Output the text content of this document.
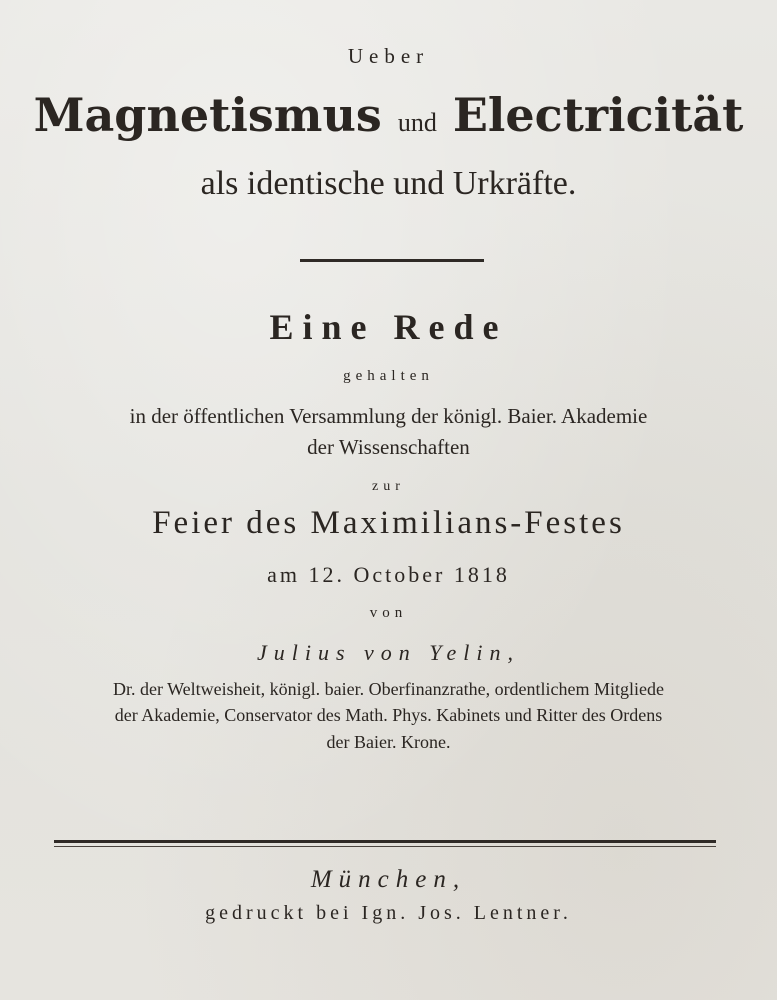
Ueber
Magnetismus und Electricität
als identische und Urkräfte.
Eine Rede
gehalten
in der öffentlichen Versammlung der königl. Baier. Akademie
der Wissenschaften
zur
Feier des Maximilians-Festes
am 12. October 1818
von
Julius von Yelin,
Dr. der Weltweisheit, königl. baier. Oberfinanzrathe, ordentlichem Mitgliede
der Akademie, Conservator des Math. Phys. Kabinets und Ritter des Ordens
der Baier. Krone.
München,
gedruckt bei Ign. Jos. Lentner.
